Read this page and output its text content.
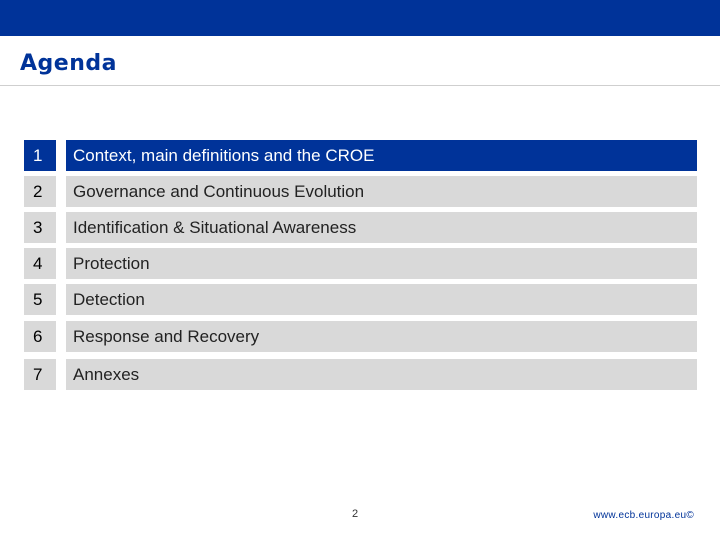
Agenda
1	Context, main definitions and the CROE
2	Governance and Continuous Evolution
3	Identification & Situational Awareness
4	Protection
5	Detection
6	Response and Recovery
7	Annexes
2	www.ecb.europa.eu©
